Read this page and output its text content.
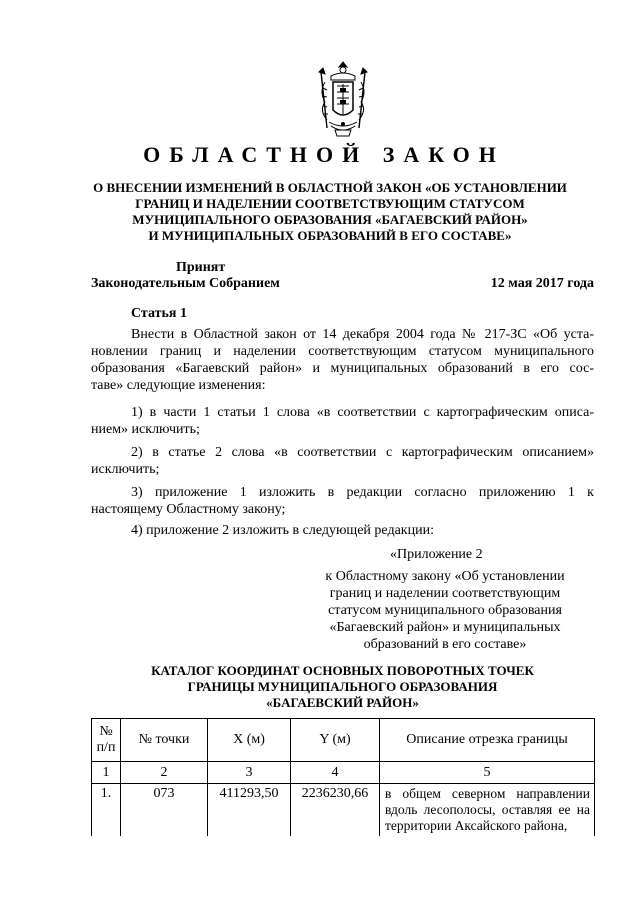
ОБЛАСТНОЙ ЗАКОН
О ВНЕСЕНИИ ИЗМЕНЕНИЙ В ОБЛАСТНОЙ ЗАКОН «ОБ УСТАНОВЛЕНИИ
ГРАНИЦ И НАДЕЛЕНИИ СООТВЕТСТВУЮЩИМ СТАТУСОМ
МУНИЦИПАЛЬНОГО ОБРАЗОВАНИЯ «БАГАЕВСКИЙ РАЙОН»
И МУНИЦИПАЛЬНЫХ ОБРАЗОВАНИЙ В ЕГО СОСТАВЕ»
Принят
Законодательным Собранием	12 мая 2017 года
Статья 1
Внести в Областной закон от 14 декабря 2004 года № 217-ЗС «Об уста-
новлении границ и наделении соответствующим статусом муниципального
образования «Багаевский район» и муниципальных образований в его сос-
таве» следующие изменения:
1) в части 1 статьи 1 слова «в соответствии с картографическим описа-
нием» исключить;
2) в статье 2 слова «в соответствии с картографическим описанием»
исключить;
3) приложение 1 изложить в редакции согласно приложению 1 к
настоящему Областному закону;
4) приложение 2 изложить в следующей редакции:
«Приложение 2
к Областному закону «Об установлении
границ и наделении соответствующим
статусом муниципального образования
«Багаевский район» и муниципальных
образований в его составе»
КАТАЛОГ КООРДИНАТ ОСНОВНЫХ ПОВОРОТНЫХ ТОЧЕК
ГРАНИЦЫ МУНИЦИПАЛЬНОГО ОБРАЗОВАНИЯ
«БАГАЕВСКИЙ РАЙОН»
№
п/п	№ точки	X (м)	Y (м)	Описание отрезка границы
1	2	3	4	5
1.	073	411293,50	2236230,66	в общем северном направлении вдоль лесополосы, оставляя ее на территории Аксайского района,
